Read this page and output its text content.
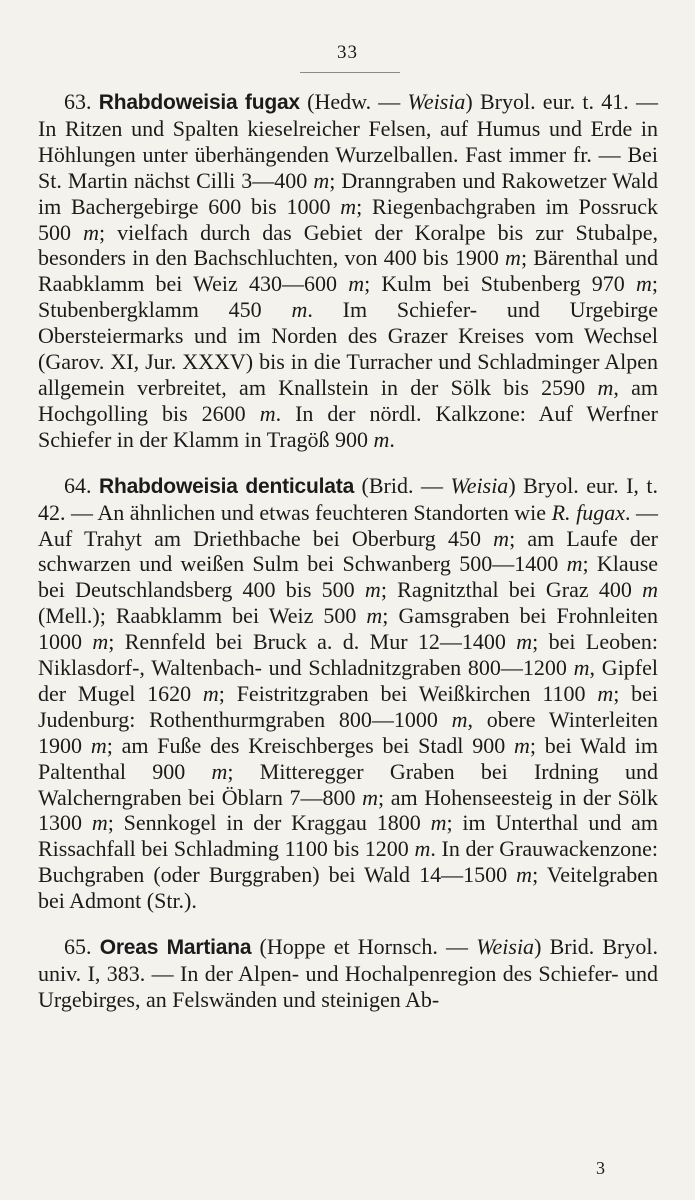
33

63. Rhabdoweisia fugax (Hedw. — Weisia) Bryol. eur. t. 41. — In Ritzen und Spalten kieselreicher Felsen, auf Humus und Erde in Höhlungen unter überhängenden Wurzelballen. Fast immer fr. — Bei St. Martin nächst Cilli 3—400 m; Dranngraben und Rakowetzer Wald im Bachergebirge 600 bis 1000 m; Riegenbachgraben im Possruck 500 m; vielfach durch das Gebiet der Koralpe bis zur Stubalpe, besonders in den Bachschluchten, von 400 bis 1900 m; Bärenthal und Raabklamm bei Weiz 430—600 m; Kulm bei Stubenberg 970 m; Stubenbergklamm 450 m. Im Schiefer- und Urgebirge Obersteiermarks und im Norden des Grazer Kreises vom Wechsel (Garov. XI, Jur. XXXV) bis in die Turracher und Schladminger Alpen allgemein verbreitet, am Knallstein in der Sölk bis 2590 m, am Hochgolling bis 2600 m. In der nördl. Kalkzone: Auf Werfner Schiefer in der Klamm in Tragöß 900 m.

64. Rhabdoweisia denticulata (Brid. — Weisia) Bryol. eur. I, t. 42. — An ähnlichen und etwas feuchteren Standorten wie R. fugax. — Auf Trahyt am Driethbache bei Oberburg 450 m; am Laufe der schwarzen und weißen Sulm bei Schwanberg 500—1400 m; Klause bei Deutschlandsberg 400 bis 500 m; Ragnitzthal bei Graz 400 m (Mell.); Raabklamm bei Weiz 500 m; Gamsgraben bei Frohnleiten 1000 m; Rennfeld bei Bruck a. d. Mur 12—1400 m; bei Leoben: Niklasdorf-, Waltenbach- und Schladnitzgraben 800—1200 m, Gipfel der Mugel 1620 m; Feistritzgraben bei Weißkirchen 1100 m; bei Judenburg: Rothenthurmgraben 800—1000 m, obere Winterleiten 1900 m; am Fuße des Kreischberges bei Stadl 900 m; bei Wald im Paltenthal 900 m; Mitteregger Graben bei Irdning und Walcherngraben bei Öblarn 7—800 m; am Hohenseesteig in der Sölk 1300 m; Sennkogel in der Kraggau 1800 m; im Unterthal und am Rissachfall bei Schladming 1100 bis 1200 m. In der Grauwackenzone: Buchgraben (oder Burggraben) bei Wald 14—1500 m; Veitelgraben bei Admont (Str.).

65. Oreas Martiana (Hoppe et Hornsch. — Weisia) Brid. Bryol. univ. I, 383. — In der Alpen- und Hochalpenregion des Schiefer- und Urgebirges, an Felswänden und steinigen Ab-

3
